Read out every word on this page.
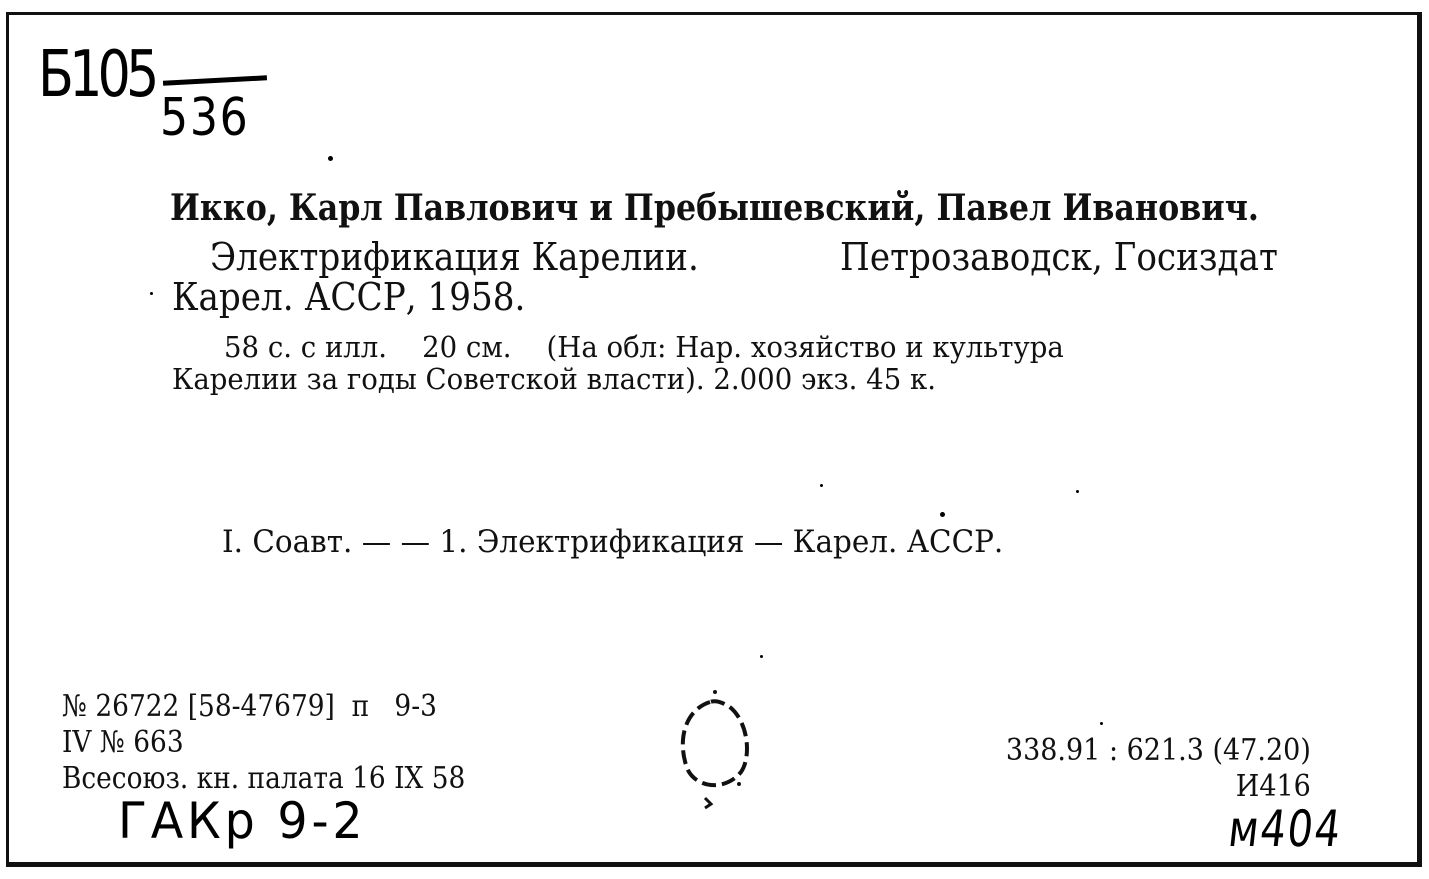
Б105
536
Икко, Карл Павлович и Пребышевский, Павел Иванович.
Электрификация Карелии.	Петрозаводск, Госиздат
Карел. АССР, 1958.
58 с. с илл.    20 см.    (На обл: Нар. хозяйство и культура
Карелии за годы Советской власти). 2.000 экз. 45 к.
I. Соавт. — — 1. Электрификация — Карел. АССР.
№ 26722 [58-47679]  п   9-3
IV № 663
Всесоюз. кн. палата 16 IX 58
338.91 : 621.3 (47.20)
И416
ГАКр 9-2	м404
